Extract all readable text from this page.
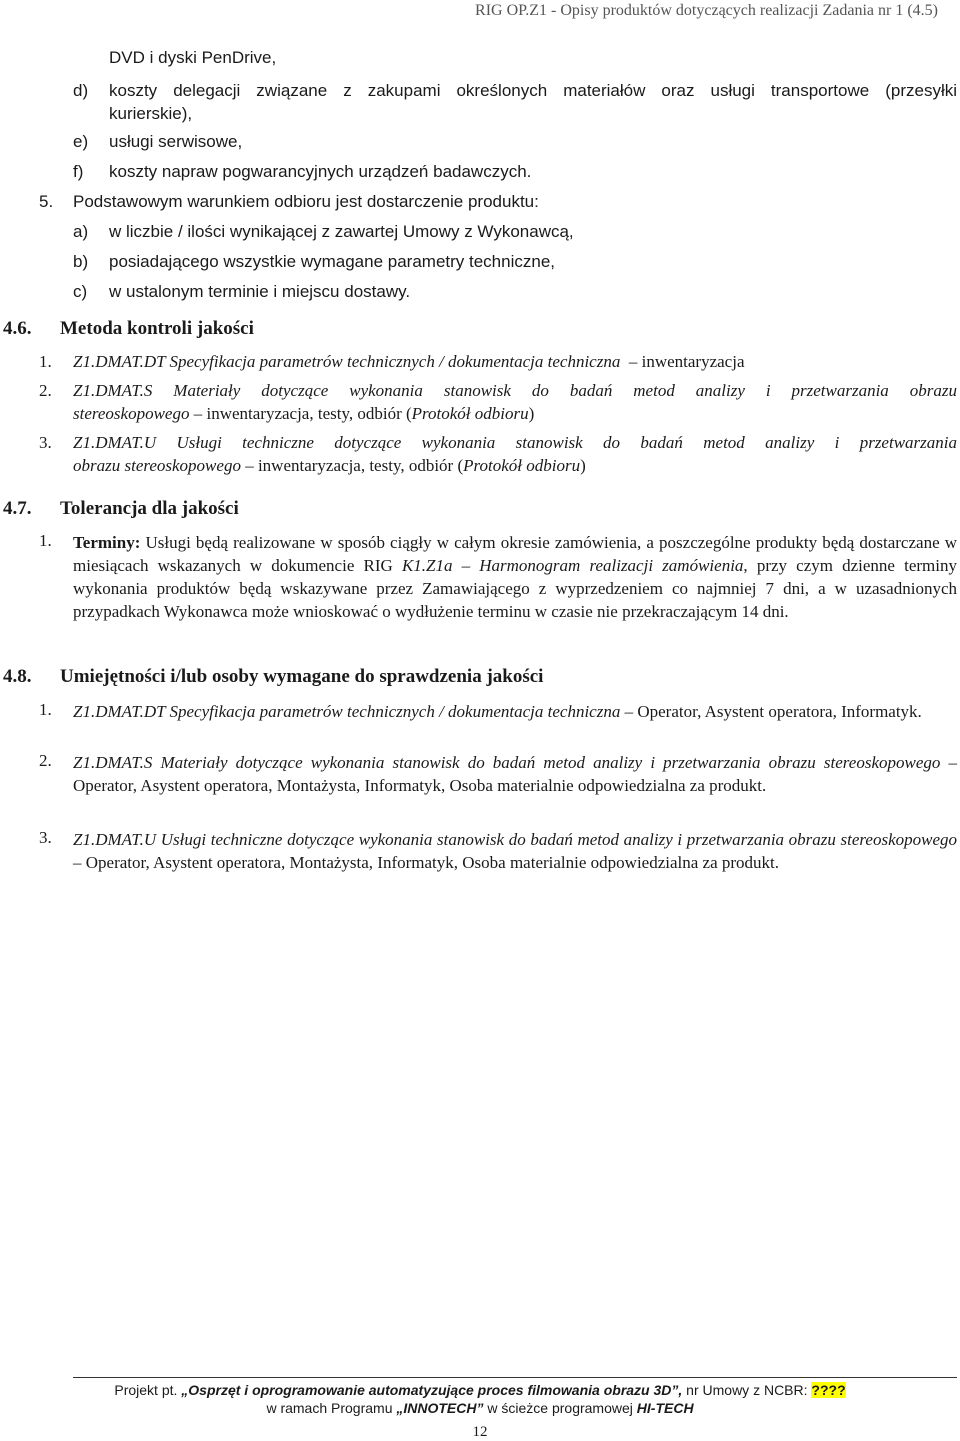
RIG OP.Z1 - Opisy produktów dotyczących realizacji Zadania nr 1 (4.5)
DVD i dyski PenDrive,
d) koszty delegacji związane z zakupami określonych materiałów oraz usługi transportowe (przesyłki
kurierskie),
e) usługi serwisowe,
f) koszty napraw pogwarancyjnych urządzeń badawczych.
5. Podstawowym warunkiem odbioru jest dostarczenie produktu:
a) w liczbie / ilości wynikającej z zawartej Umowy z Wykonawcą,
b) posiadającego wszystkie wymagane parametry techniczne,
c) w ustalonym terminie i miejscu dostawy.
4.6. Metoda kontroli jakości
1. Z1.DMAT.DT Specyfikacja parametrów technicznych / dokumentacja techniczna – inwentaryzacja
2. Z1.DMAT.S Materiały dotyczące wykonania stanowisk do badań metod analizy i przetwarzania obrazu
stereoskopowego – inwentaryzacja, testy, odbiór (Protokół odbioru)
3. Z1.DMAT.U Usługi techniczne dotyczące wykonania stanowisk do badań metod analizy i przetwarzania
obrazu stereoskopowego – inwentaryzacja, testy, odbiór (Protokół odbioru)
4.7. Tolerancja dla jakości
1. Terminy: Usługi będą realizowane w sposób ciągły w całym okresie zamówienia, a poszczególne produkty będą dostarczane w miesiącach wskazanych w dokumencie RIG K1.Z1a – Harmonogram realizacji zamówienia, przy czym dzienne terminy wykonania produktów będą wskazywane przez Zamawiającego z wyprzedzeniem co najmniej 7 dni, a w uzasadnionych przypadkach Wykonawca może wnioskować o wydłużenie terminu w czasie nie przekraczającym 14 dni.
4.8. Umiejętności i/lub osoby wymagane do sprawdzenia jakości
1. Z1.DMAT.DT Specyfikacja parametrów technicznych / dokumentacja techniczna – Operator, Asystent operatora, Informatyk.
2. Z1.DMAT.S Materiały dotyczące wykonania stanowisk do badań metod analizy i przetwarzania obrazu stereoskopowego – Operator, Asystent operatora, Montażysta, Informatyk, Osoba materialnie odpowiedzialna za produkt.
3. Z1.DMAT.U Usługi techniczne dotyczące wykonania stanowisk do badań metod analizy i przetwarzania obrazu stereoskopowego – Operator, Asystent operatora, Montażysta, Informatyk, Osoba materialnie odpowiedzialna za produkt.
Projekt pt. „Osprzęt i oprogramowanie automatyzujące proces filmowania obrazu 3D”, nr Umowy z NCBR: ????
w ramach Programu „INNOTECH” w ścieżce programowej HI-TECH
12
